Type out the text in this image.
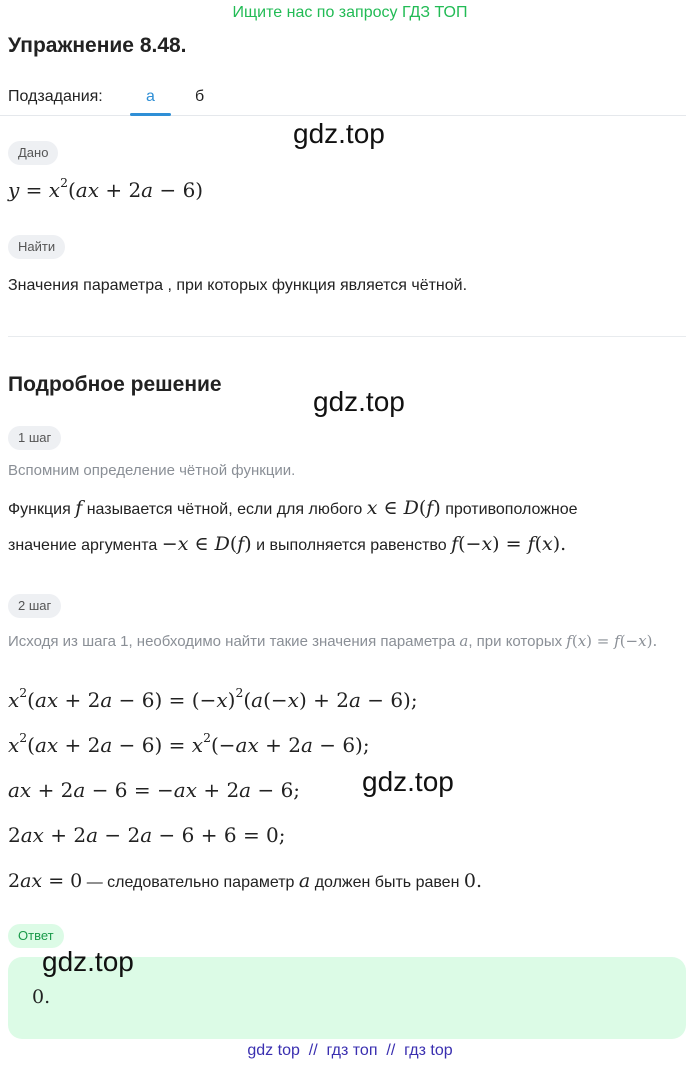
Ищите нас по запросу ГДЗ ТОП
Упражнение 8.48.
Подзадания:	а	б
Дано
$y = x^2(ax + 2a - 6)$
Найти
Значения параметра , при которых функция является чётной.
Подробное решение
1 шаг
Вспомним определение чётной функции.
Функция f называется чётной, если для любого x ∈ D(f) противоположное
значение аргумента −x ∈ D(f) и выполняется равенство f(−x) = f(x).
2 шаг
Исходя из шага 1, необходимо найти такие значения параметра a, при которых f(x) = f(−x).
$x^2(ax + 2a - 6) = (-x)^2(a(-x) + 2a - 6)$;
$x^2(ax + 2a - 6) = x^2(-ax + 2a - 6)$;
ax + 2a − 6 = −ax + 2a − 6;
2ax + 2a − 2a − 6 + 6 = 0;
2ax = 0 — следовательно параметр a должен быть равен 0.
Ответ
0.
gdz.top
gdz.top
gdz.top
gdz.top
gdz top  //  гдз топ  //  гдз top
